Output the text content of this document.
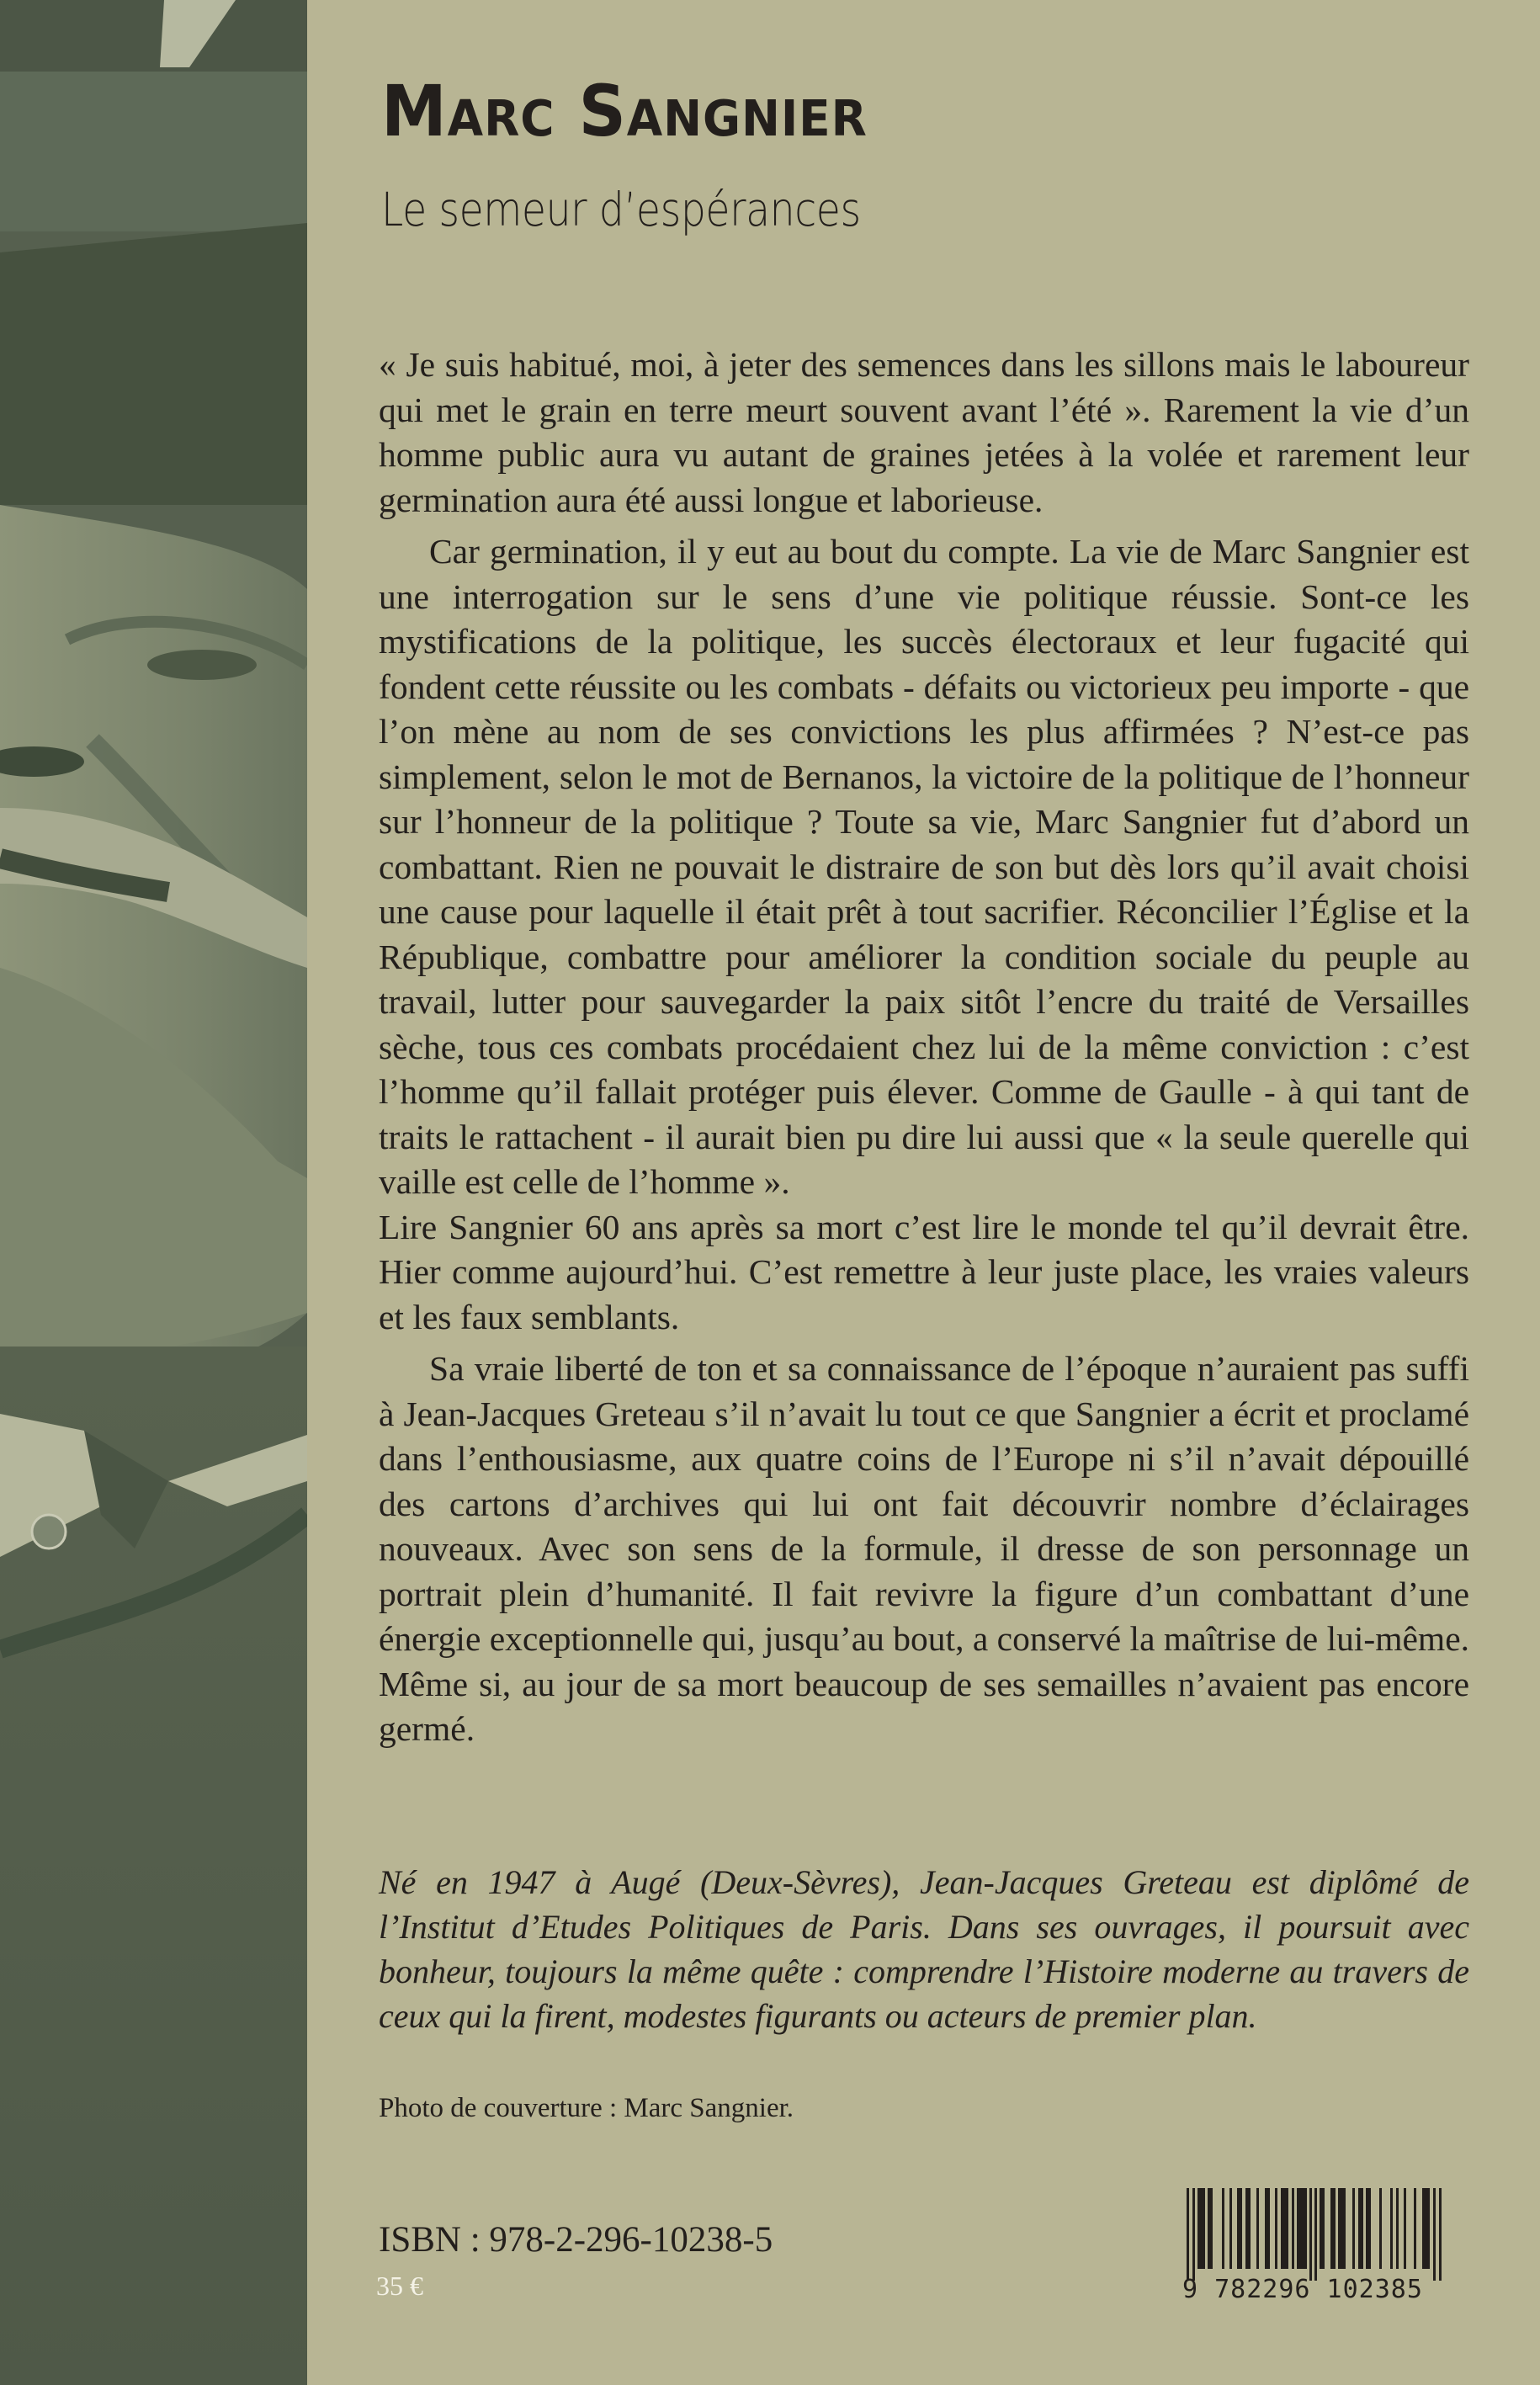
Marc Sangnier
Le semeur d’espérances

« Je suis habitué, moi, à jeter des semences dans les sillons mais le laboureur qui met le grain en terre meurt souvent avant l’été ». Rarement la vie d’un homme public aura vu autant de graines jetées à la volée et rarement leur germination aura été aussi longue et laborieuse.

Car germination, il y eut au bout du compte. La vie de Marc Sangnier est une interrogation sur le sens d’une vie politique réussie. Sont-ce les mystifications de la politique, les succès électoraux et leur fugacité qui fondent cette réussite ou les combats - défaits ou victorieux peu importe - que l’on mène au nom de ses convictions les plus affirmées ? N’est-ce pas simplement, selon le mot de Bernanos, la victoire de la politique de l’honneur sur l’honneur de la politique ? Toute sa vie, Marc Sangnier fut d’abord un combattant. Rien ne pouvait le distraire de son but dès lors qu’il avait choisi une cause pour laquelle il était prêt à tout sacrifier. Réconcilier l’Église et la République, combattre pour améliorer la condition sociale du peuple au travail, lutter pour sauvegarder la paix sitôt l’encre du traité de Versailles sèche, tous ces combats procédaient chez lui de la même conviction : c’est l’homme qu’il fallait protéger puis élever. Comme de Gaulle - à qui tant de traits le rattachent - il aurait bien pu dire lui aussi que « la seule querelle qui vaille est celle de l’homme ».

Lire Sangnier 60 ans après sa mort c’est lire le monde tel qu’il devrait être. Hier comme aujourd’hui. C’est remettre à leur juste place, les vraies valeurs et les faux semblants.

Sa vraie liberté de ton et sa connaissance de l’époque n’auraient pas suffi à Jean-Jacques Greteau s’il n’avait lu tout ce que Sangnier a écrit et proclamé dans l’enthousiasme, aux quatre coins de l’Europe ni s’il n’avait dépouillé des cartons d’archives qui lui ont fait découvrir nombre d’éclairages nouveaux. Avec son sens de la formule, il dresse de son personnage un portrait plein d’humanité. Il fait revivre la figure d’un combattant d’une énergie exceptionnelle qui, jusqu’au bout, a conservé la maîtrise de lui-même. Même si, au jour de sa mort beaucoup de ses semailles n’avaient pas encore germé.

Né en 1947 à Augé (Deux-Sèvres), Jean-Jacques Greteau est diplômé de l’Institut d’Etudes Politiques de Paris. Dans ses ouvrages, il poursuit avec bonheur, toujours la même quête : comprendre l’Histoire moderne au travers de ceux qui la firent, modestes figurants ou acteurs de premier plan.

Photo de couverture : Marc Sangnier.

ISBN : 978-2-296-10238-5

35 €	9 782296 102385
